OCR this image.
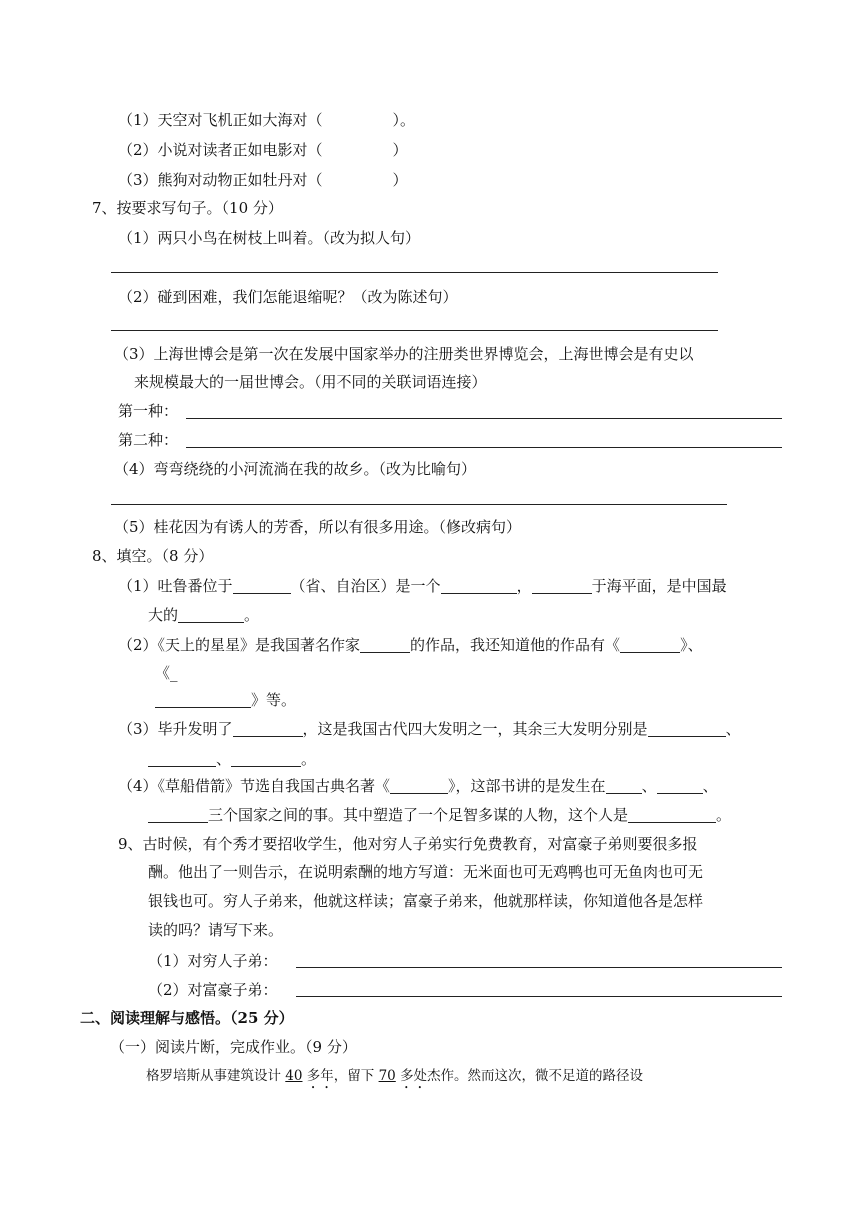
（1）天空对飞机正如大海对（	）。
（2）小说对读者正如电影对（	）
（3）熊狗对动物正如牡丹对（	）
7、按要求写句子。（10 分）
（1）两只小鸟在树枝上叫着。（改为拟人句）
（2）碰到困难，我们怎能退缩呢？（改为陈述句）
（3）上海世博会是第一次在发展中国家举办的注册类世界博览会，上海世博会是有史以
来规模最大的一届世博会。（用不同的关联词语连接）
第一种：
第二种：
（4）弯弯绕绕的小河流淌在我的故乡。（改为比喻句）
（5）桂花因为有诱人的芳香，所以有很多用途。（修改病句）
8、填空。（8 分）
（1）吐鲁番位于	（省、自治区）是一个	，	于海平面，是中国最
大的	。
（2）《天上的星星》是我国著名作家	的作品，我还知道他的作品有《	》、
《_
》等。
（3）毕升发明了	，这是我国古代四大发明之一，其余三大发明分别是	、
、	。
（4）《草船借箭》节选自我国古典名著《	》，这部书讲的是发生在 、	、
三个国家之间的事。其中塑造了一个足智多谋的人物，这个人是	。
9、古时候，有个秀才要招收学生，他对穷人子弟实行免费教育，对富豪子弟则要很多报
酬。他出了一则告示，在说明索酬的地方写道：无米面也可无鸡鸭也可无鱼肉也可无
银钱也可。穷人子弟来，他就这样读；富豪子弟来，他就那样读，你知道他各是怎样
读的吗？请写下来。
（1）对穷人子弟：
（2）对富豪子弟：
二、阅读理解与感悟。（25 分）
（一）阅读片断，完成作业。（9 分）
格罗培斯从事建筑设计 40 多年，留下 70 多处杰作。然而这次，微不足道的路径设
